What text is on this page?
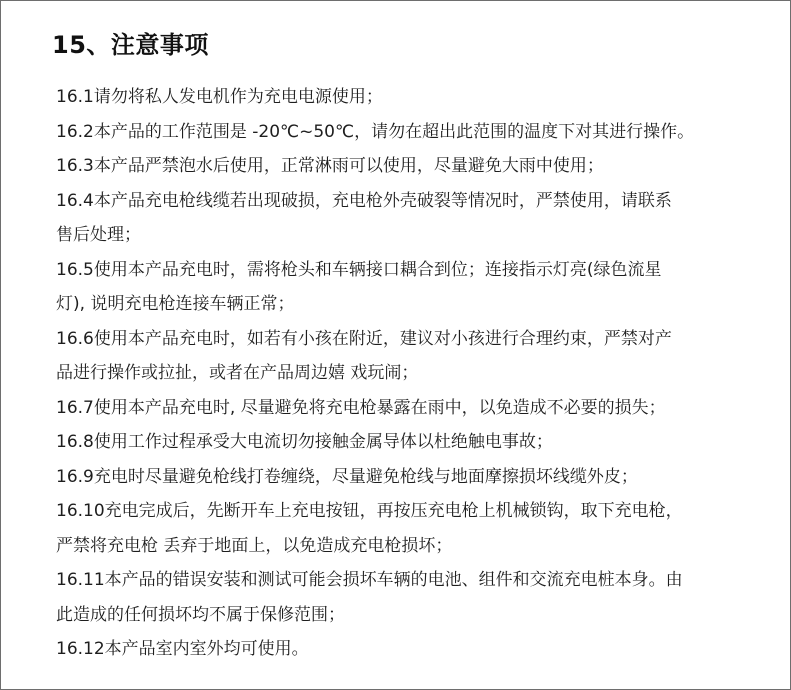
15、注意事项
16.1请勿将私人发电机作为充电电源使用；
16.2本产品的工作范围是 -20℃~50℃，请勿在超出此范围的温度下对其进行操作。
16.3本产品严禁泡水后使用，正常淋雨可以使用，尽量避免大雨中使用；
16.4本产品充电枪线缆若出现破损，充电枪外壳破裂等情况时，严禁使用，请联系
售后处理；
16.5使用本产品充电时，需将枪头和车辆接口耦合到位；连接指示灯亮(绿色流星
灯), 说明充电枪连接车辆正常；
16.6使用本产品充电时，如若有小孩在附近，建议对小孩进行合理约束，严禁对产
品进行操作或拉扯，或者在产品周边嬉 戏玩闹；
16.7使用本产品充电时, 尽量避免将充电枪暴露在雨中，以免造成不必要的损失；
16.8使用工作过程承受大电流切勿接触金属导体以杜绝触电事故；
16.9充电时尽量避免枪线打卷缠绕，尽量避免枪线与地面摩擦损坏线缆外皮；
16.10充电完成后，先断开车上充电按钮，再按压充电枪上机械锁钩，取下充电枪，
严禁将充电枪 丢弃于地面上，以免造成充电枪损坏；
16.11本产品的错误安装和测试可能会损坏车辆的电池、组件和交流充电桩本身。由
此造成的任何损坏均不属于保修范围；
16.12本产品室内室外均可使用。
